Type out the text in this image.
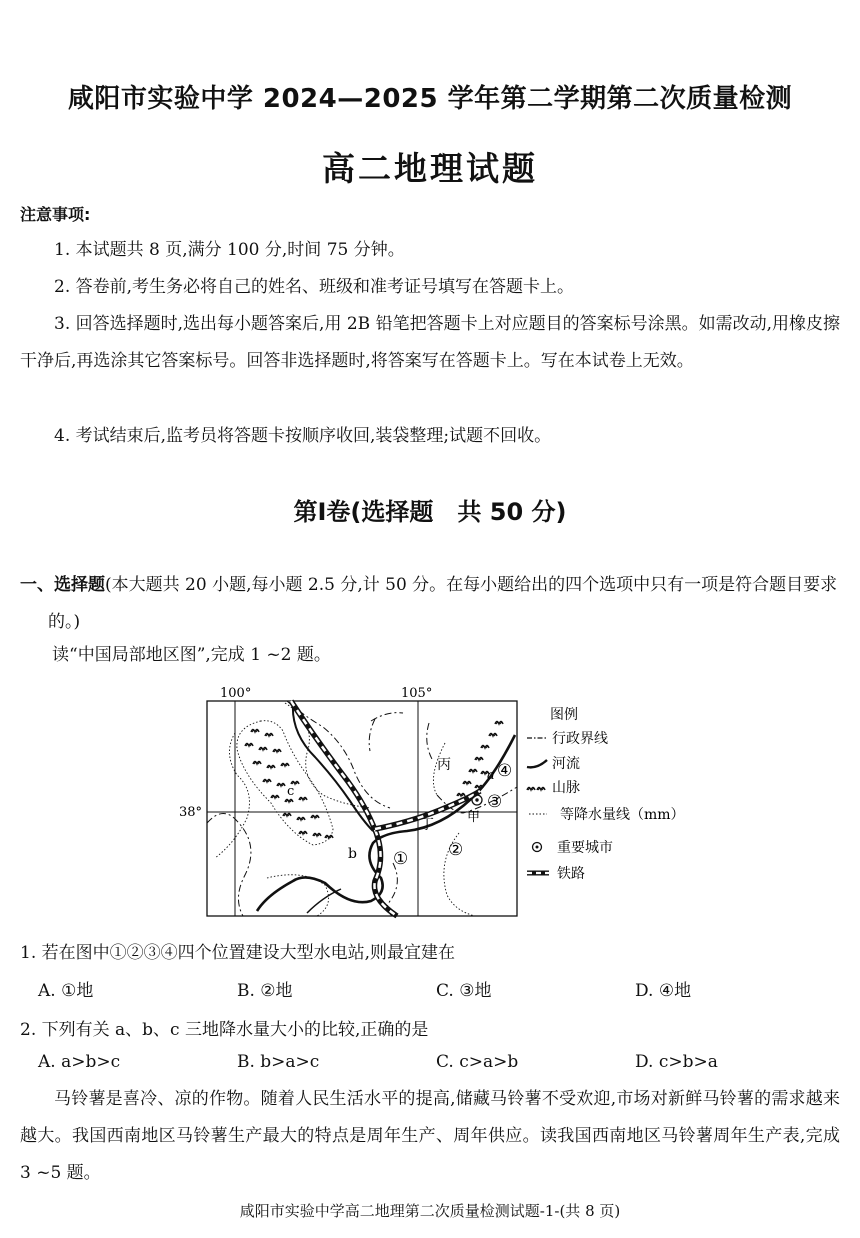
咸阳市实验中学 2024—2025 学年第二学期第二次质量检测
高二地理试题
注意事项:
1. 本试题共 8 页,满分 100 分,时间 75 分钟。
2. 答卷前,考生务必将自己的姓名、班级和准考证号填写在答题卡上。
3. 回答选择题时,选出每小题答案后,用 2B 铅笔把答题卡上对应题目的答案标号涂黑。如需改动,用橡皮擦干净后,再选涂其它答案标号。回答非选择题时,将答案写在答题卡上。写在本试卷上无效。
4. 考试结束后,监考员将答题卡按顺序收回,装袋整理;试题不回收。
第Ⅰ卷(选择题　共 50 分)
一、选择题(本大题共 20 小题,每小题 2.5 分,计 50 分。在每小题给出的四个选项中只有一项是符合题目要求的。)
读“中国局部地区图”,完成 1 ~2 题。
100°	105°
38°
丙
丁	甲
a
b
c
① ②
③
④
图例
行政界线
河流
山脉
等降水量线（mm）
重要城市
铁路
1. 若在图中①②③④四个位置建设大型水电站,则最宜建在
A. ①地	B. ②地	C. ③地	D. ④地
2. 下列有关 a、b、c 三地降水量大小的比较,正确的是
A. a>b>c	B. b>a>c	C. c>a>b	D. c>b>a
马铃薯是喜冷、凉的作物。随着人民生活水平的提高,储藏马铃薯不受欢迎,市场对新鲜马铃薯的需求越来越大。我国西南地区马铃薯生产最大的特点是周年生产、周年供应。读我国西南地区马铃薯周年生产表,完成 3 ~5 题。
咸阳市实验中学高二地理第二次质量检测试题-1-(共 8 页)
